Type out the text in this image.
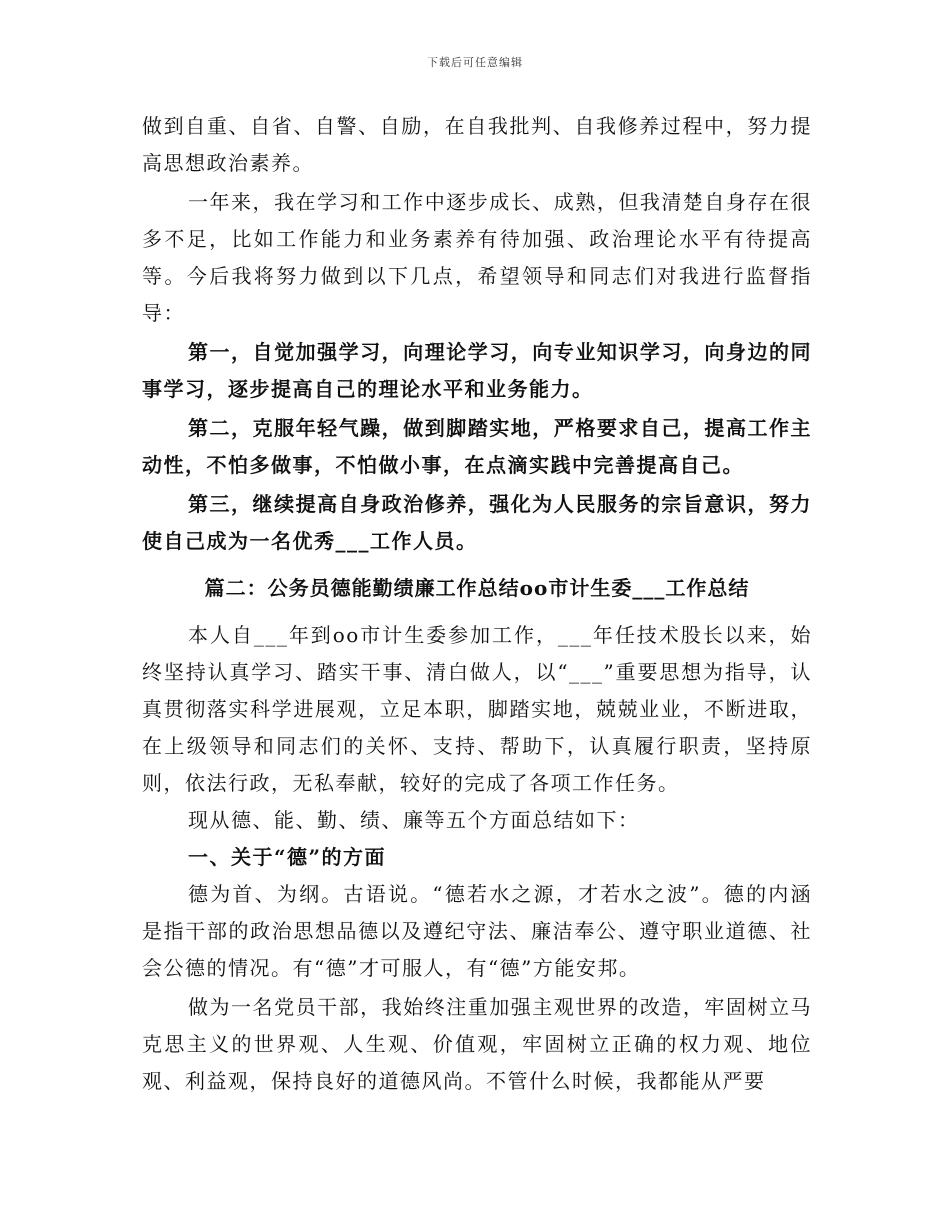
下载后可任意编辑

做到自重、自省、自警、自励，在自我批判、自我修养过程中，努力提高思想政治素养。

一年来，我在学习和工作中逐步成长、成熟，但我清楚自身存在很多不足，比如工作能力和业务素养有待加强、政治理论水平有待提高等。今后我将努力做到以下几点，希望领导和同志们对我进行监督指导：

第一，自觉加强学习，向理论学习，向专业知识学习，向身边的同事学习，逐步提高自己的理论水平和业务能力。

第二，克服年轻气躁，做到脚踏实地，严格要求自己，提高工作主动性，不怕多做事，不怕做小事，在点滴实践中完善提高自己。

第三，继续提高自身政治修养，强化为人民服务的宗旨意识，努力使自己成为一名优秀___工作人员。

篇二：公务员德能勤绩廉工作总结oo市计生委___工作总结

本人自___年到oo市计生委参加工作，___年任技术股长以来，始终坚持认真学习、踏实干事、清白做人，以“___”重要思想为指导，认真贯彻落实科学进展观，立足本职，脚踏实地，兢兢业业，不断进取，在上级领导和同志们的关怀、支持、帮助下，认真履行职责，坚持原则，依法行政，无私奉献，较好的完成了各项工作任务。

现从德、能、勤、绩、廉等五个方面总结如下：

一、关于“德”的方面

德为首、为纲。古语说。“德若水之源，才若水之波”。德的内涵是指干部的政治思想品德以及遵纪守法、廉洁奉公、遵守职业道德、社会公德的情况。有“德”才可服人，有“德”方能安邦。

做为一名党员干部，我始终注重加强主观世界的改造，牢固树立马克思主义的世界观、人生观、价值观，牢固树立正确的权力观、地位观、利益观，保持良好的道德风尚。不管什么时候，我都能从严要
